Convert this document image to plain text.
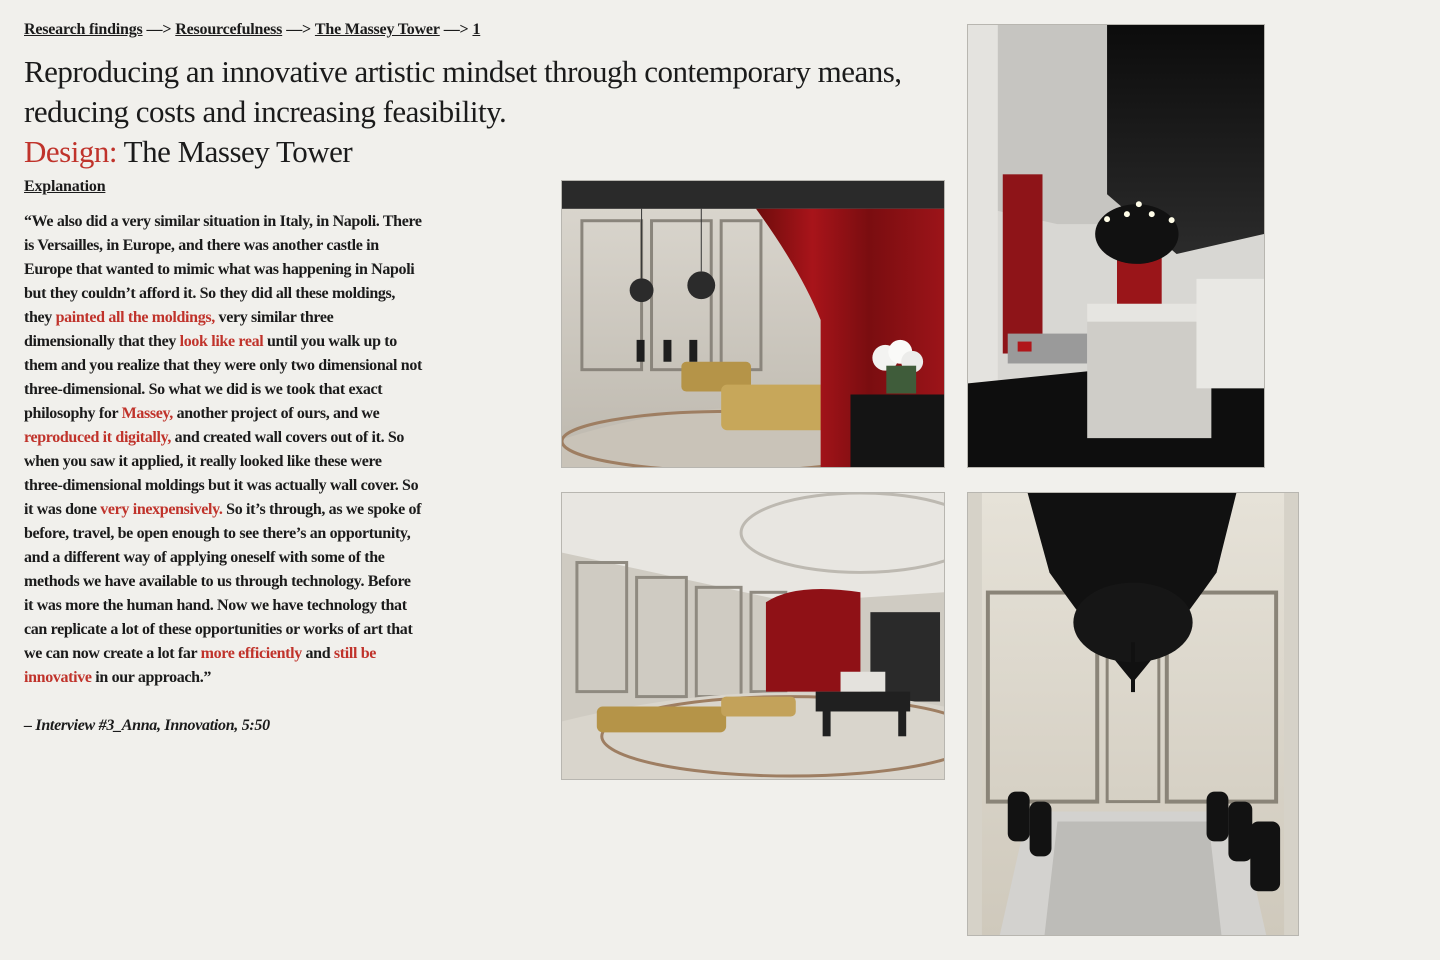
Research findings —> Resourcefulness —> The Massey Tower —> 1
Reproducing an innovative artistic mindset through contemporary means, reducing costs and increasing feasibility.
Design: The Massey Tower
Explanation

“We also did a very similar situation in Italy, in Napoli. There is Versailles, in Europe, and there was another castle in Europe that wanted to mimic what was happening in Napoli but they couldn’t afford it. So they did all these moldings, they painted all the moldings, very similar three dimensionally that they look like real until you walk up to them and you realize that they were only two dimensional not three-dimensional. So what we did is we took that exact philosophy for Massey, another project of ours, and we reproduced it digitally, and created wall covers out of it. So when you saw it applied, it really looked like these were three-dimensional moldings but it was actually wall cover. So it was done very inexpensively. So it’s through, as we spoke of before, travel, be open enough to see there’s an opportunity, and a different way of applying oneself with some of the methods we have available to us through technology. Before it was more the human hand. Now we have technology that can replicate a lot of these opportunities or works of art that we can now create a lot far more efficiently and still be innovative in our approach.”

– Interview #3_Anna, Innovation, 5:50
